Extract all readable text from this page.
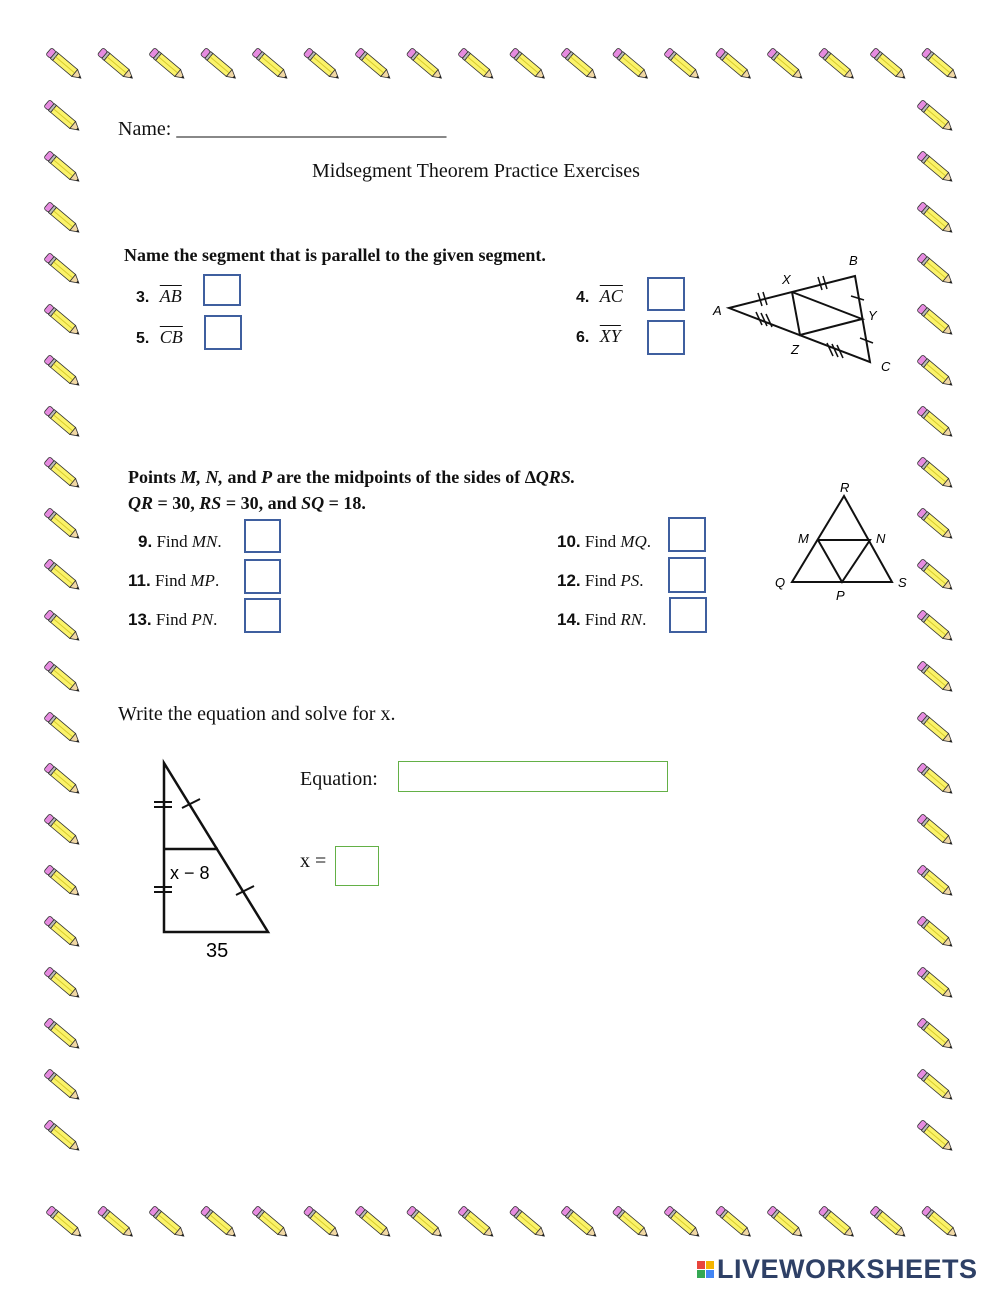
Name: ___________________________
Midsegment Theorem Practice Exercises
Name the segment that is parallel to the given segment.
3. $\overline{AB}$	4. $\overline{AC}$
5. $\overline{CB}$	6. $\overline{XY}$
A
B
C
X
Y
Z
Points M, N, and P are the midpoints of the sides of ∆QRS.
QR = 30, RS = 30, and SQ = 18.
9. Find MN.	10. Find MQ.
11. Find MP.	12. Find PS.
13. Find PN.	14. Find RN.
R
M	N
Q
P
S
Write the equation and solve for x.
x − 8
35
Equation:
x =
LIVEWORKSHEETS
